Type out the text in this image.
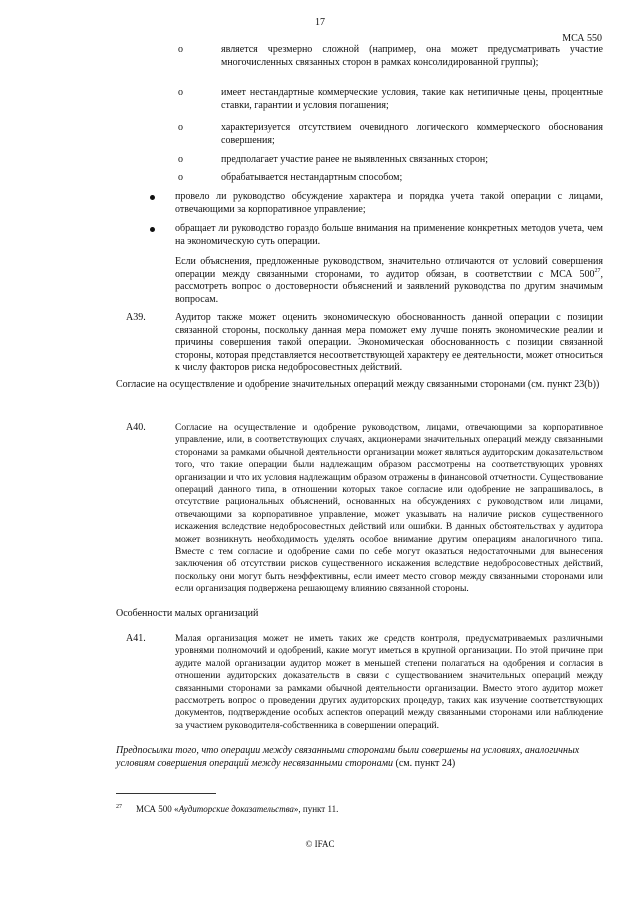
17
МСА 550
o	является чрезмерно сложной (например, она может предусматривать участие многочисленных связанных сторон в рамках консолидированной группы);
o	имеет нестандартные коммерческие условия, такие как нетипичные цены, процентные ставки, гарантии и условия погашения;
o	характеризуется отсутствием очевидного логического коммерческого обоснования совершения;
o	предполагает участие ранее не выявленных связанных сторон;
o	обрабатывается нестандартным способом;
провело ли руководство обсуждение характера и порядка учета такой операции с лицами, отвечающими за корпоративное управление;
обращает ли руководство гораздо больше внимания на применение конкретных методов учета, чем на экономическую суть операции.
Если объяснения, предложенные руководством, значительно отличаются от условий совершения операции между связанными сторонами, то аудитор обязан, в соответствии с МСА $500^{27}$, рассмотреть вопрос о достоверности объяснений и заявлений руководства по другим значимым вопросам.
A39.	Аудитор также может оценить экономическую обоснованность данной операции с позиции связанной стороны, поскольку данная мера поможет ему лучше понять экономические реалии и причины совершения такой операции. Экономическая обоснованность с позиции связанной стороны, которая представляется несоответствующей характеру ее деятельности, может относиться к числу факторов риска недобросовестных действий.
Согласие на осуществление и одобрение значительных операций между связанными сторонами (см. пункт 23(b))
A40.	Согласие на осуществление и одобрение руководством, лицами, отвечающими за корпоративное управление, или, в соответствующих случаях, акционерами значительных операций между связанными сторонами за рамками обычной деятельности организации может являться аудиторским доказательством того, что такие операции были надлежащим образом рассмотрены на соответствующих уровнях организации и что их условия надлежащим образом отражены в финансовой отчетности. Существование операций данного типа, в отношении которых такое согласие или одобрение не запрашивалось, в отсутствие рациональных объяснений, основанных на обсуждениях с руководством или лицами, отвечающими за корпоративное управление, может указывать на наличие рисков существенного искажения вследствие недобросовестных действий или ошибки. В данных обстоятельствах у аудитора может возникнуть необходимость уделять особое внимание другим операциям аналогичного типа. Вместе с тем согласие и одобрение сами по себе могут оказаться недостаточными для вынесения заключения об отсутствии рисков существенного искажения вследствие недобросовестных действий, поскольку они могут быть неэффективны, если имеет место сговор между связанными сторонами или если организация подвержена решающему влиянию связанной стороны.
Особенности малых организаций
A41.	Малая организация может не иметь таких же средств контроля, предусматриваемых различными уровнями полномочий и одобрений, какие могут иметься в крупной организации. По этой причине при аудите малой организации аудитор может в меньшей степени полагаться на одобрения и согласия в отношении аудиторских доказательств в связи с существованием значительных операций между связанными сторонами за рамками обычной деятельности организации. Вместо этого аудитор может рассмотреть вопрос о проведении других аудиторских процедур, таких как изучение соответствующих документов, подтверждение особых аспектов операций между связанными сторонами или наблюдение за участием руководителя-собственника в совершении операций.
Предпосылки того, что операции между связанными сторонами были совершены на условиях, аналогичных условиям совершения операций между несвязанными сторонами (см. пункт 24)
$^{27}$ МСА 500 «Аудиторские доказательства», пункт 11.
© IFAC
